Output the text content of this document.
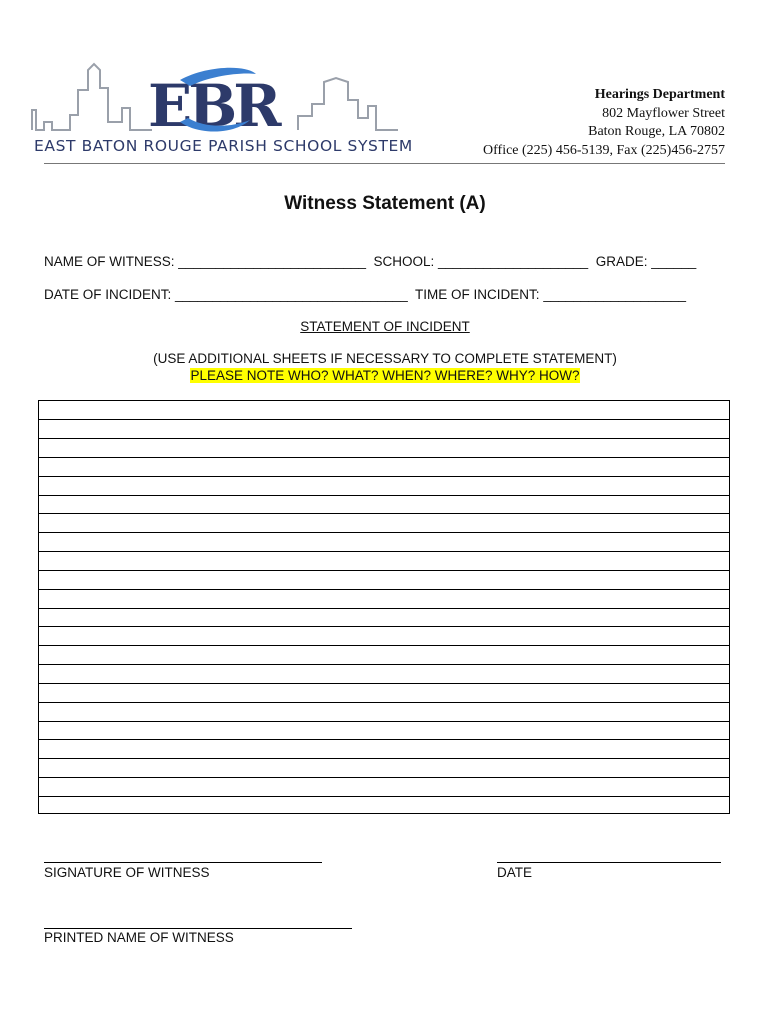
EBR
EAST BATON ROUGE PARISH SCHOOL SYSTEM
Hearings Department
802 Mayflower Street
Baton Rouge, LA 70802
Office (225) 456-5139, Fax (225)456-2757
Witness Statement (A)
NAME OF WITNESS: _________________________ SCHOOL: ____________________ GRADE: ______
DATE OF INCIDENT: _______________________________ TIME OF INCIDENT: ___________________
STATEMENT OF INCIDENT
(USE ADDITIONAL SHEETS IF NECESSARY TO COMPLETE STATEMENT)
PLEASE NOTE WHO? WHAT? WHEN? WHERE? WHY? HOW?
SIGNATURE OF WITNESS	DATE
PRINTED NAME OF WITNESS
